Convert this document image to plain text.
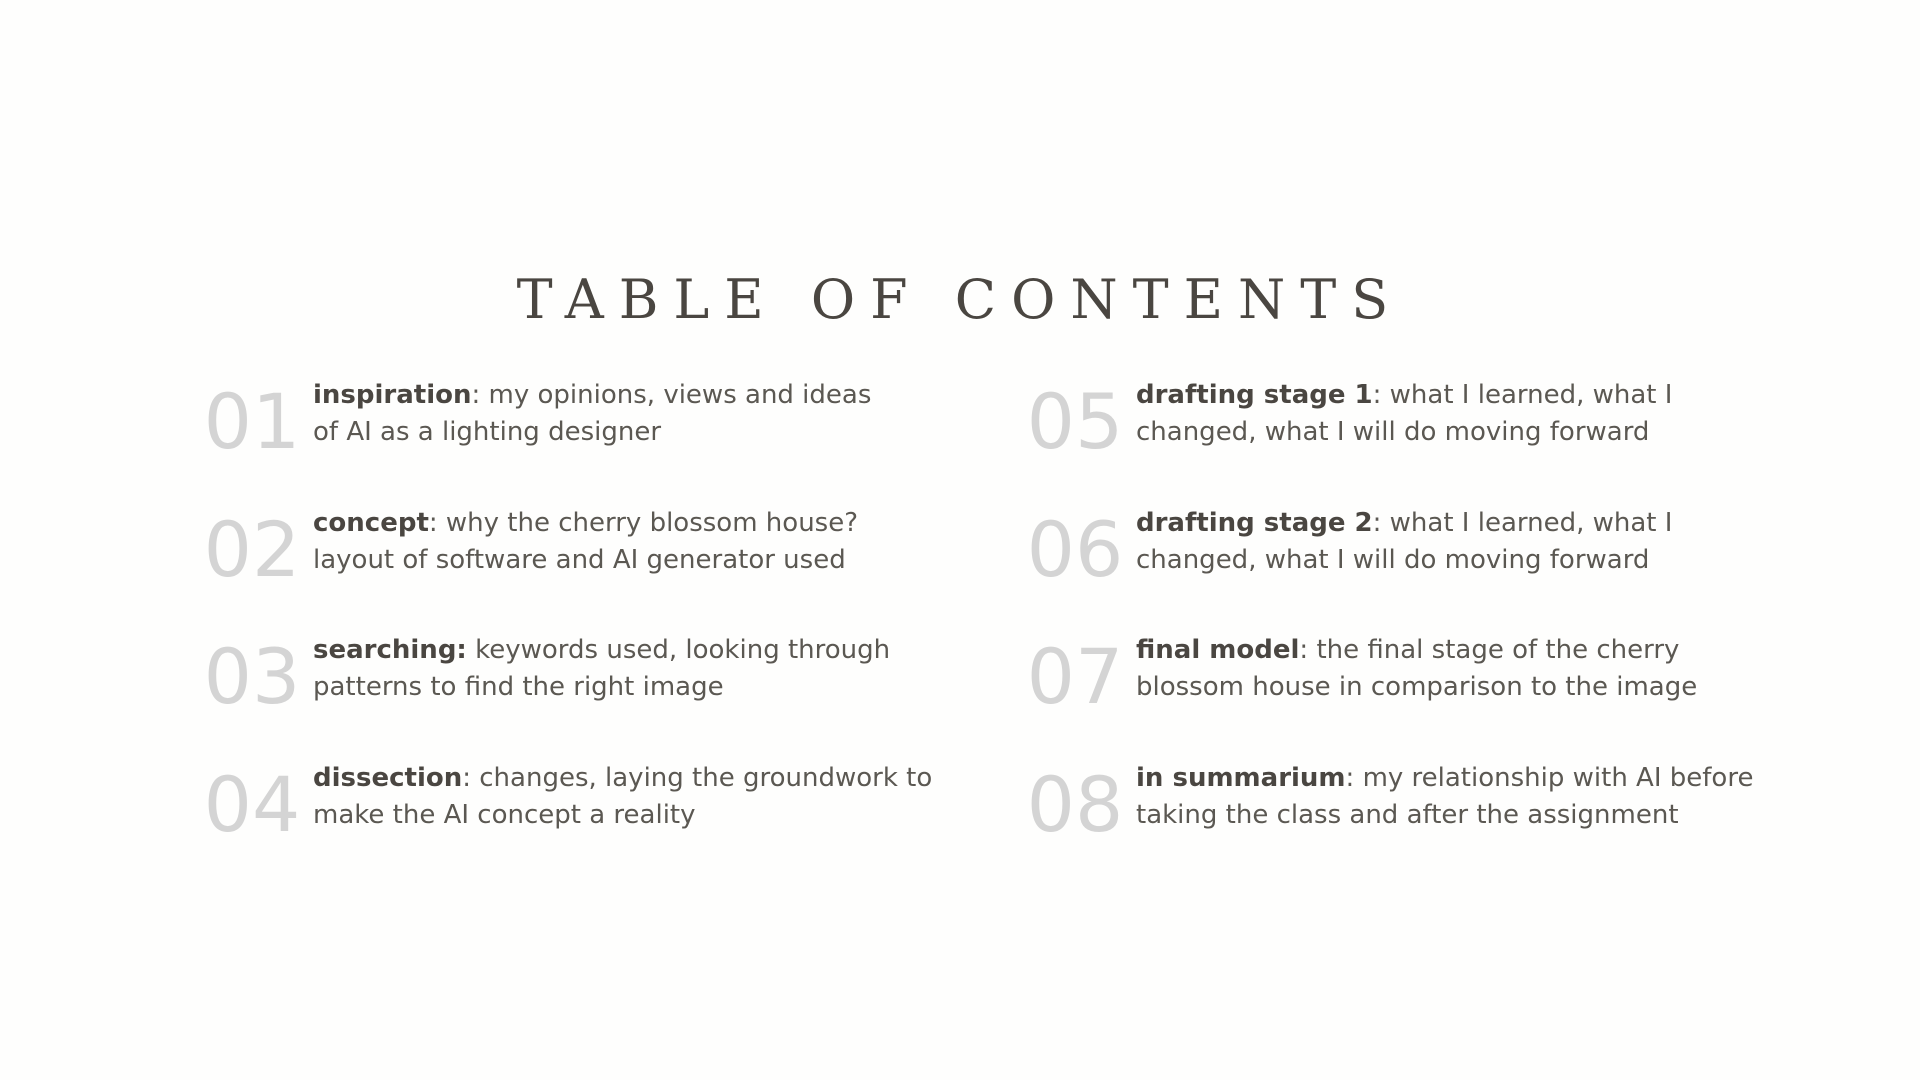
TABLE OF CONTENTS
01 inspiration: my opinions, views and ideas
of AI as a lighting designer
02 concept: why the cherry blossom house?
layout of software and AI generator used
03 searching: keywords used, looking through
patterns to find the right image
04 dissection: changes, laying the groundwork to
make the AI concept a reality
05 drafting stage 1: what I learned, what I
changed, what I will do moving forward
06 drafting stage 2: what I learned, what I
changed, what I will do moving forward
07 final model: the final stage of the cherry
blossom house in comparison to the image
08 in summarium: my relationship with AI before
taking the class and after the assignment
